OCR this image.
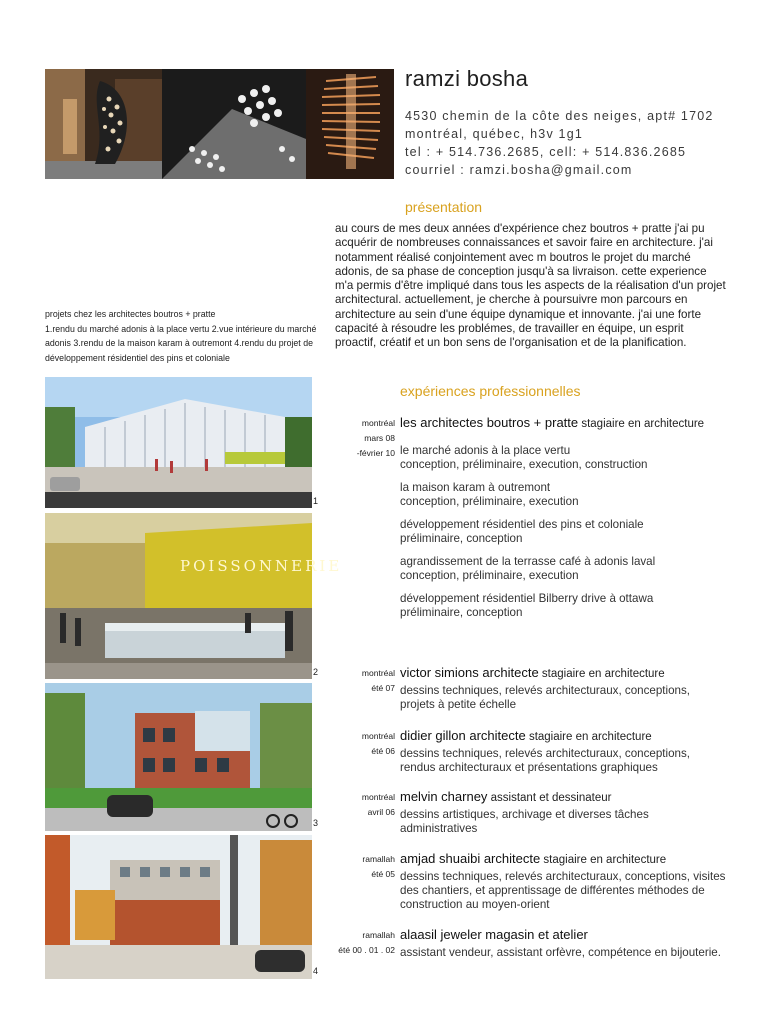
ramzi bosha
4530 chemin de la côte des neiges, apt# 1702
montréal, québec, h3v 1g1
tel : + 514.736.2685, cell: + 514.836.2685
courriel : ramzi.bosha@gmail.com
présentation
au cours de mes deux années d'expérience chez boutros + pratte j'ai pu acquérir de nombreuses connaissances et savoir faire en architecture. j'ai notamment réalisé conjointement avec m boutros le projet du marché adonis, de sa phase de conception jusqu'à sa livraison. cette experience m'a permis d'être impliqué dans tous les aspects de la réalisation d'un projet architectural. actuellement, je cherche à poursuivre mon parcours en architecture au sein d'une équipe dynamique et innovante. j'ai une forte capacité à résoudre les problémes, de travailler en équipe, un esprit proactif, créatif et un bon sens de l'organisation et de la planification.
projets chez les architectes boutros + pratte
1.rendu du marché adonis à la place vertu 2.vue intérieure du marché adonis 3.rendu de la maison karam à outremont 4.rendu du projet de développement résidentiel des pins et coloniale
1
POISSONNERIE
2
3
4
expériences professionnelles
montréal
mars 08
-février 10
les architectes boutros + pratte stagiaire en architecture
le marché adonis à la place vertu
conception, préliminaire, execution, construction
la maison karam à outremont
conception, préliminaire, execution
développement résidentiel des pins et coloniale
préliminaire, conception
agrandissement de la terrasse café à adonis laval
conception, préliminaire, execution
développement résidentiel Bilberry drive à ottawa
préliminaire, conception
montréal
été 07
victor simions architecte stagiaire en architecture
dessins techniques, relevés architecturaux, conceptions, projets à petite échelle
montréal
été 06
didier gillon architecte stagiaire en architecture
dessins techniques, relevés architecturaux, conceptions, rendus architecturaux et présentations graphiques
montréal
avril 06
melvin charney assistant et dessinateur
dessins artistiques, archivage et diverses tâches administratives
ramallah
été 05
amjad shuaibi architecte stagiaire en architecture
dessins techniques, relevés architecturaux, conceptions, visites des chantiers, et apprentissage de différentes méthodes de construction au moyen-orient
ramallah
été 00 . 01 . 02
alaasil jeweler magasin et atelier
assistant vendeur, assistant orfèvre, compétence en bijouterie.
